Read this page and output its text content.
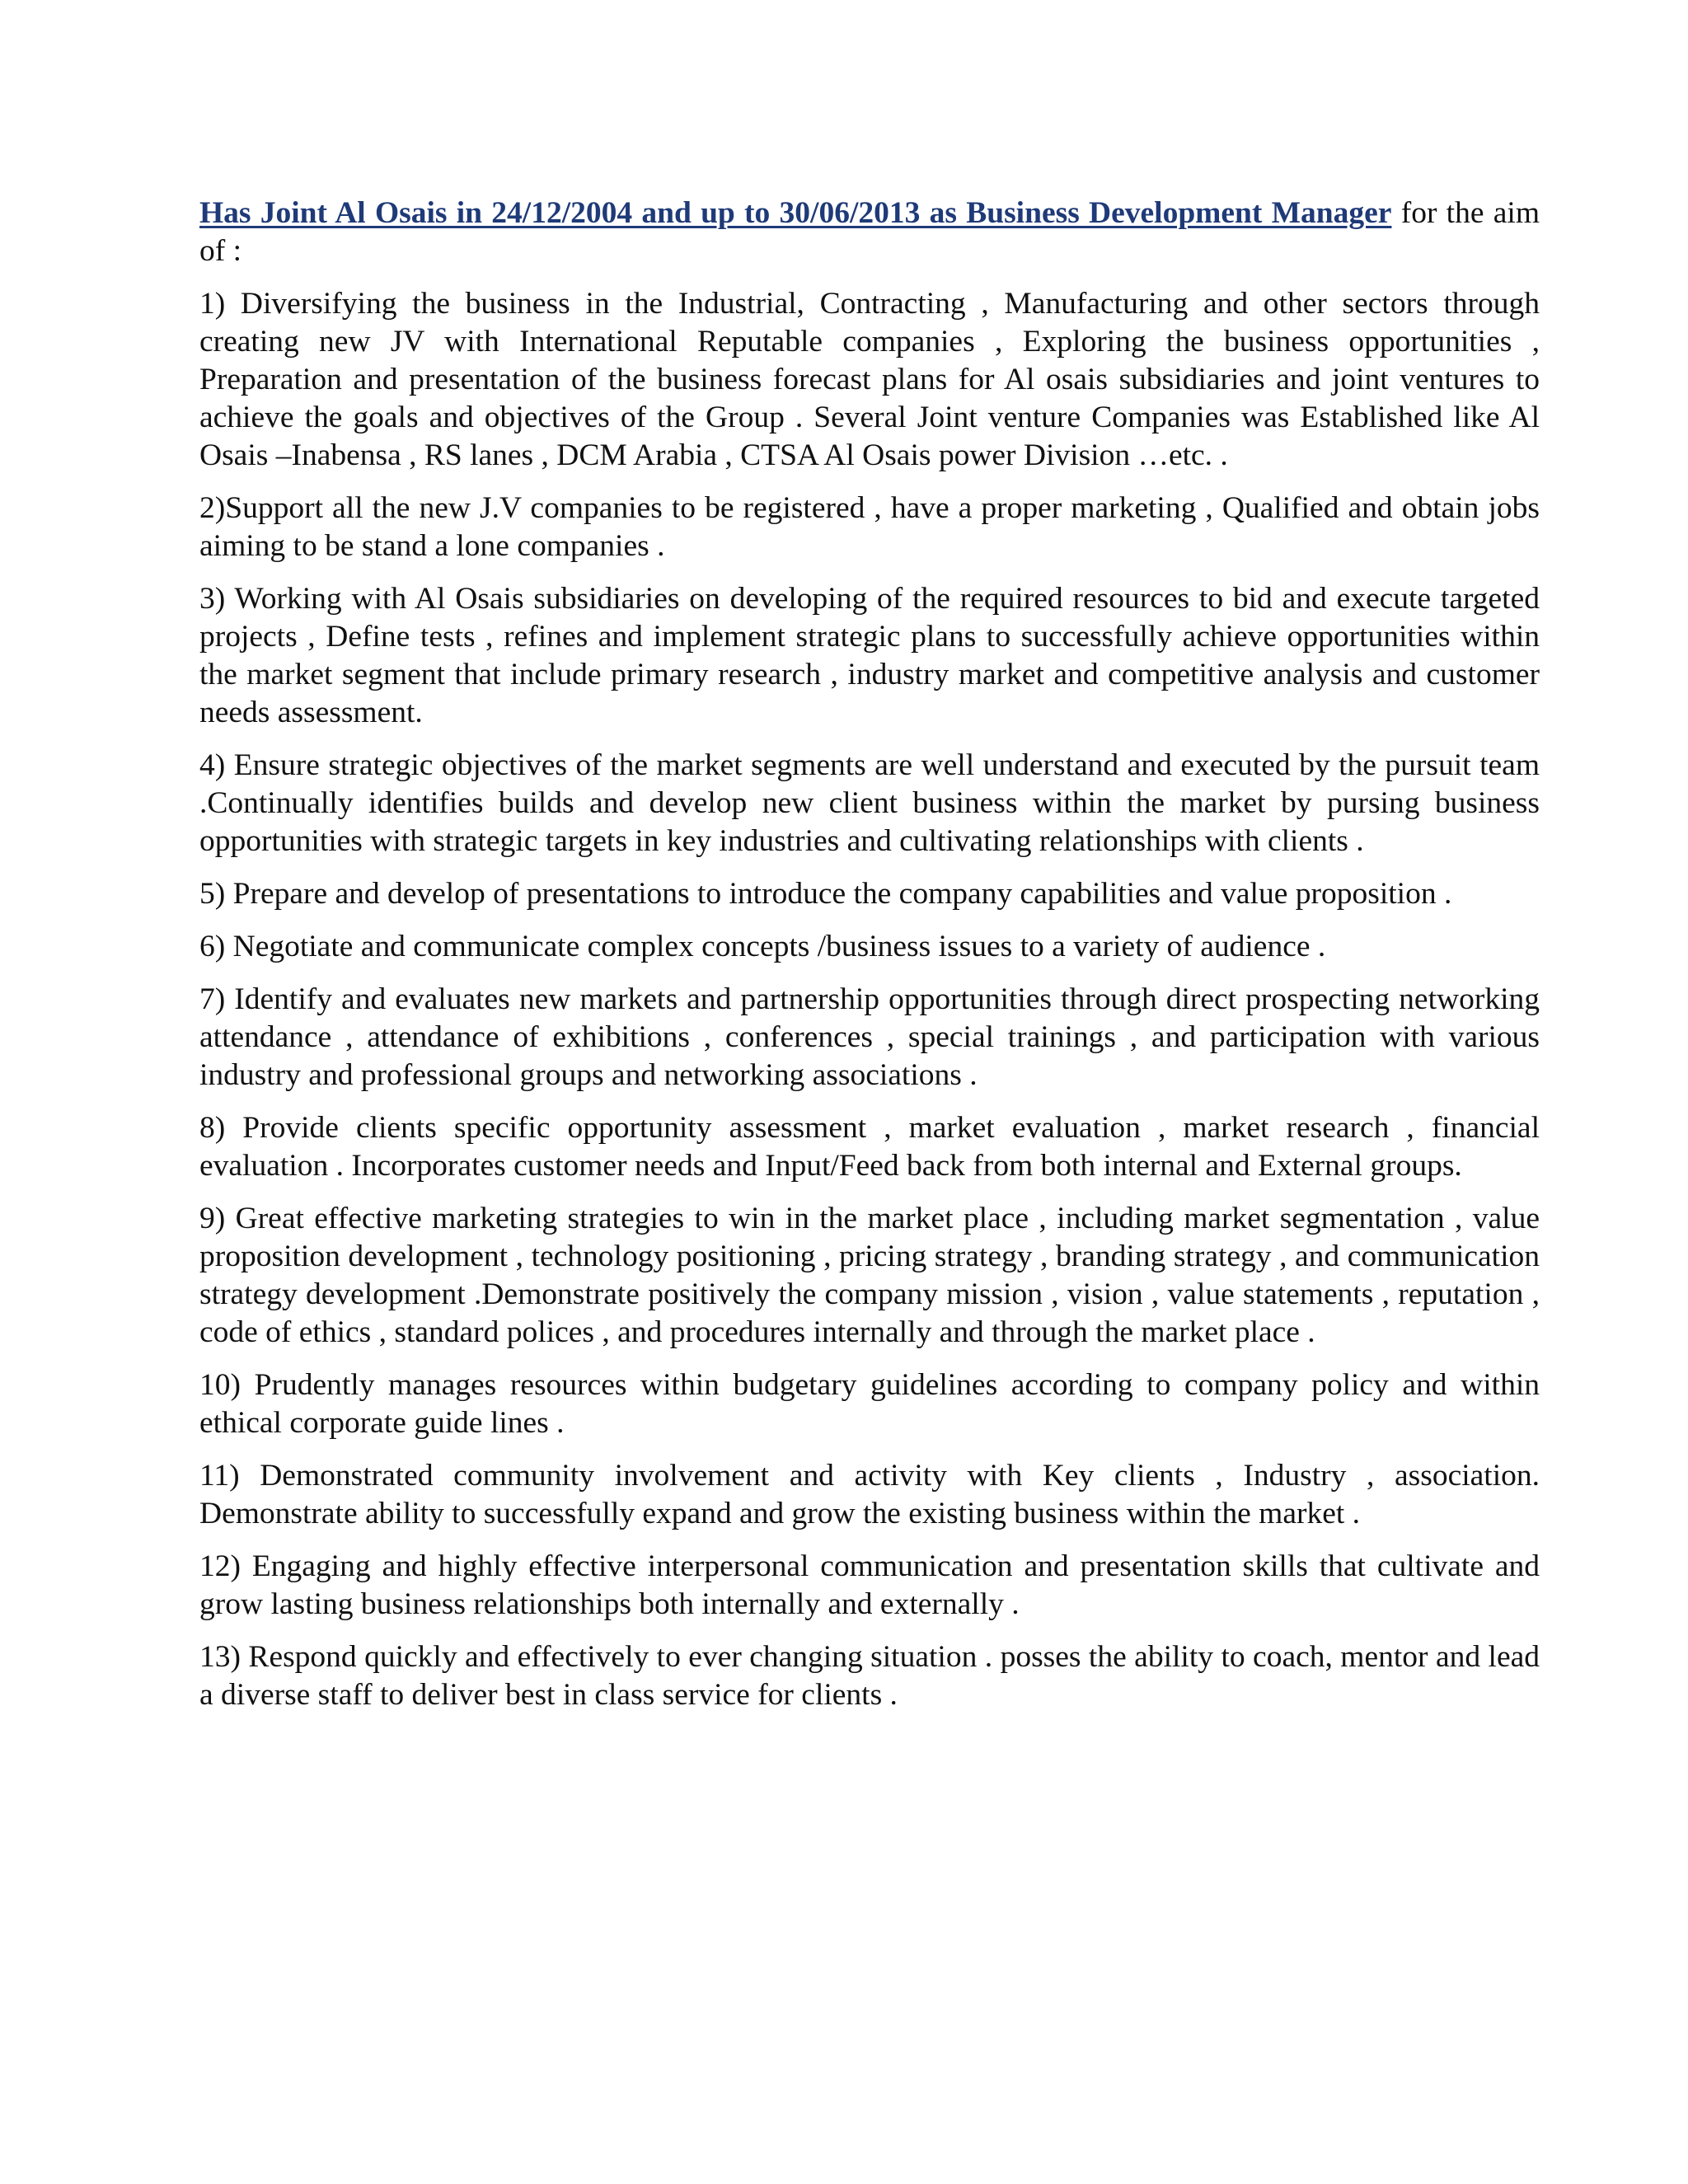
Has Joint Al Osais in 24/12/2004 and up to 30/06/2013 as Business Development Manager for the aim of :

1) Diversifying the business in the Industrial, Contracting , Manufacturing and other sectors through creating new JV with International Reputable companies , Exploring the business opportunities , Preparation and presentation of the business forecast plans for Al osais subsidiaries and joint ventures to achieve the goals and objectives of the Group . Several Joint venture Companies was Established like Al Osais –Inabensa , RS lanes , DCM Arabia , CTSA Al Osais power Division …etc. .

2)Support all the new J.V companies to be registered , have a proper marketing , Qualified and obtain jobs aiming to be stand a lone companies .

3) Working with Al Osais subsidiaries on developing of the required resources to bid and execute targeted projects , Define tests , refines and implement strategic plans to successfully achieve opportunities within the market segment that include primary research , industry market and competitive analysis and customer needs assessment.

4) Ensure strategic objectives of the market segments are well understand and executed by the pursuit team .Continually identifies builds and develop new client business within the market by pursing business opportunities with strategic targets in key industries and cultivating relationships with clients .

5) Prepare and develop of presentations to introduce the company capabilities and value proposition .

6) Negotiate and communicate complex concepts /business issues to a variety of audience .

7) Identify and evaluates new markets and partnership opportunities through direct prospecting networking attendance , attendance of exhibitions , conferences , special trainings , and participation with various industry and professional groups and networking associations .

8) Provide clients specific opportunity assessment , market evaluation , market research , financial evaluation . Incorporates customer needs and Input/Feed back from both internal and External groups.

9) Great effective marketing strategies to win in the market place , including market segmentation , value proposition development , technology positioning , pricing strategy , branding strategy , and communication strategy development .Demonstrate positively the company mission , vision , value statements , reputation , code of ethics , standard polices , and procedures internally and through the market place .

10) Prudently manages resources within budgetary guidelines according to company policy and within ethical corporate guide lines .

11) Demonstrated community involvement and activity with Key clients , Industry , association. Demonstrate ability to successfully expand and grow the existing business within the market .

12) Engaging and highly effective interpersonal communication and presentation skills that cultivate and grow lasting business relationships both internally and externally .

13) Respond quickly and effectively to ever changing situation . posses the ability to coach, mentor and lead a diverse staff to deliver best in class service for clients .
